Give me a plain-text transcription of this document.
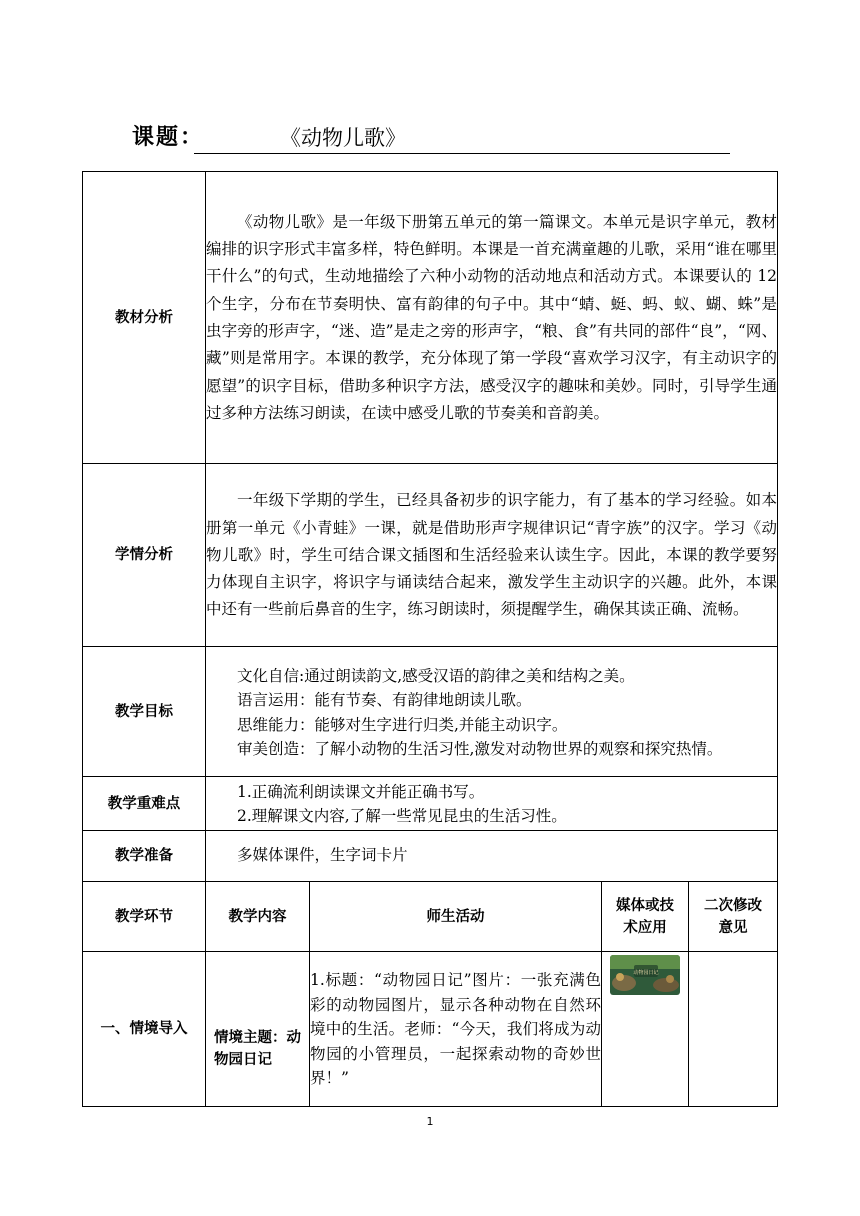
课题：	《动物儿歌》
教材分析	《动物儿歌》是一年级下册第五单元的第一篇课文。本单元是识字单元，教材编排的识字形式丰富多样，特色鲜明。本课是一首充满童趣的儿歌，采用“谁在哪里干什么”的句式，生动地描绘了六种小动物的活动地点和活动方式。本课要认的 12 个生字，分布在节奏明快、富有韵律的句子中。其中“蜻、蜓、蚂、蚁、蝴、蛛”是虫字旁的形声字，“迷、造”是走之旁的形声字，“粮、食”有共同的部件“良”，“网、藏”则是常用字。本课的教学，充分体现了第一学段“喜欢学习汉字，有主动识字的愿望”的识字目标，借助多种识字方法，感受汉字的趣味和美妙。同时，引导学生通过多种方法练习朗读，在读中感受儿歌的节奏美和音韵美。			

学情分析	一年级下学期的学生，已经具备初步的识字能力，有了基本的学习经验。如本册第一单元《小青蛙》一课，就是借助形声字规律识记“青字族”的汉字。学习《动物儿歌》时，学生可结合课文插图和生活经验来认读生字。因此，本课的教学要努力体现自主识字，将识字与诵读结合起来，激发学生主动识字的兴趣。此外，本课中还有一些前后鼻音的生字，练习朗读时，须提醒学生，确保其读正确、流畅。			

教学目标	文化自信:通过朗读韵文,感受汉语的韵律之美和结构之美。

语言运用：能有节奏、有韵律地朗读儿歌。

思维能力：能够对生字进行归类,并能主动识字。

审美创造：了解小动物的生活习性,激发对动物世界的观察和探究热情。			

教学重难点	1.正确流利朗读课文并能正确书写。

2.理解课文内容,了解一些常见昆虫的生活习性。			

教学准备	多媒体课件，生字词卡片			

教学环节	教学内容	师生活动	媒体或技术应用	二次修改意见
一、情境导入	情境主题：动物园日记	1.标题：“动物园日记”图片：一张充满色彩的动物园图片，显示各种动物在自然环境中的生活。老师：“今天，我们将成为动物园的小管理员，一起探索动物的奇妙世界！”	动物园日记	

1
